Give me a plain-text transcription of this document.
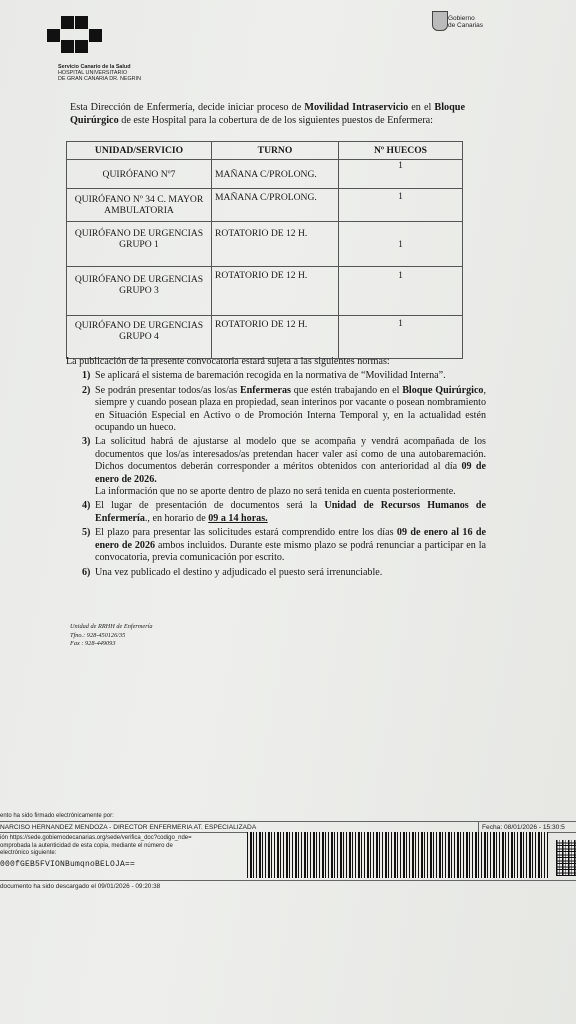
Servicio Canario de la Salud
HOSPITAL UNIVERSITARIO
DE GRAN CANARIA DR. NEGRIN
Gobierno
de Canarias
Esta Dirección de Enfermería, decide iniciar proceso de Movilidad Intraservicio en el Bloque Quirúrgico de este Hospital para la cobertura de de los siguientes puestos de Enfermera:
UNIDAD/SERVICIO	TURNO	Nº HUECOS
QUIRÓFANO Nº7	MAÑANA C/PROLONG.	1
QUIRÓFANO Nº 34 C. MAYOR AMBULATORIA	MAÑANA C/PROLONG.	1
QUIRÓFANO DE URGENCIAS GRUPO 1	ROTATORIO DE 12 H.	1
QUIRÓFANO DE URGENCIAS GRUPO 3	ROTATORIO DE 12 H.	1
QUIRÓFANO DE URGENCIAS GRUPO 4	ROTATORIO DE 12 H.	1

La publicación de la presente convocatoria estará sujeta a las siguientes normas:

1) Se aplicará el sistema de baremación recogida en la normativa de “Movilidad Interna”.
2) Se podrán presentar todos/as los/as Enfermeras que estén trabajando en el Bloque Quirúrgico, siempre y cuando posean plaza en propiedad, sean interinos por vacante o posean nombramiento en Situación Especial en Activo o de Promoción Interna Temporal y, en la actualidad estén ocupando un hueco.
3) La solicitud habrá de ajustarse al modelo que se acompaña y vendrá acompañada de los documentos que los/as interesados/as pretendan hacer valer así como de una autobaremación. Dichos documentos deberán corresponder a méritos obtenidos con anterioridad al día 09 de enero de 2026.
La información que no se aporte dentro de plazo no será tenida en cuenta posteriormente.
4) El lugar de presentación de documentos será la Unidad de Recursos Humanos de Enfermería., en horario de 09 a 14 horas.
5) El plazo para presentar las solicitudes estará comprendido entre los días 09 de enero al 16 de enero de 2026 ambos incluidos. Durante este mismo plazo se podrá renunciar a participar en la convocatoria, previa comunicación por escrito.
6) Una vez publicado el destino y adjudicado el puesto será irrenunciable.
Unidad de RRHH de Enfermería
Tfno.: 928-450126/35
Fax : 928-449093
ento ha sido firmado electrónicamente por:
NARCISO HERNANDEZ MENDOZA - DIRECTOR ENFERMERIA AT. ESPECIALIZADA	Fecha: 08/01/2026 - 15:30:5
ión https://sede.gobiernodecanarias.org/sede/verifica_doc?codigo_nde=
omprobada la autenticidad de esta copia, mediante el número de
electrónico siguiente:
000fGEB5FVIONBumqnoBELOJA==
documento ha sido descargado el 09/01/2026 - 09:20:38
